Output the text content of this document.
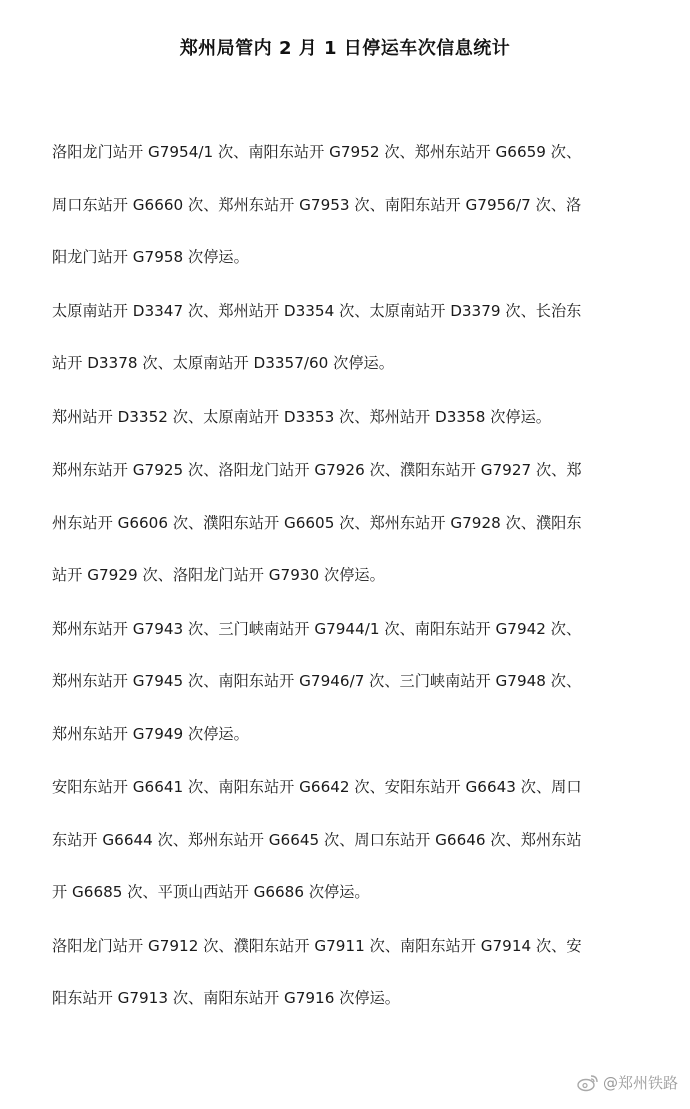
郑州局管内 2 月 1 日停运车次信息统计
洛阳龙门站开 G7954/1 次、南阳东站开 G7952 次、郑州东站开 G6659 次、
周口东站开 G6660 次、郑州东站开 G7953 次、南阳东站开 G7956/7 次、洛
阳龙门站开 G7958 次停运。
太原南站开 D3347 次、郑州站开 D3354 次、太原南站开 D3379 次、长治东
站开 D3378 次、太原南站开 D3357/60 次停运。
郑州站开 D3352 次、太原南站开 D3353 次、郑州站开 D3358 次停运。
郑州东站开 G7925 次、洛阳龙门站开 G7926 次、濮阳东站开 G7927 次、郑
州东站开 G6606 次、濮阳东站开 G6605 次、郑州东站开 G7928 次、濮阳东
站开 G7929 次、洛阳龙门站开 G7930 次停运。
郑州东站开 G7943 次、三门峡南站开 G7944/1 次、南阳东站开 G7942 次、
郑州东站开 G7945 次、南阳东站开 G7946/7 次、三门峡南站开 G7948 次、
郑州东站开 G7949 次停运。
安阳东站开 G6641 次、南阳东站开 G6642 次、安阳东站开 G6643 次、周口
东站开 G6644 次、郑州东站开 G6645 次、周口东站开 G6646 次、郑州东站
开 G6685 次、平顶山西站开 G6686 次停运。
洛阳龙门站开 G7912 次、濮阳东站开 G7911 次、南阳东站开 G7914 次、安
阳东站开 G7913 次、南阳东站开 G7916 次停运。
@郑州铁路
